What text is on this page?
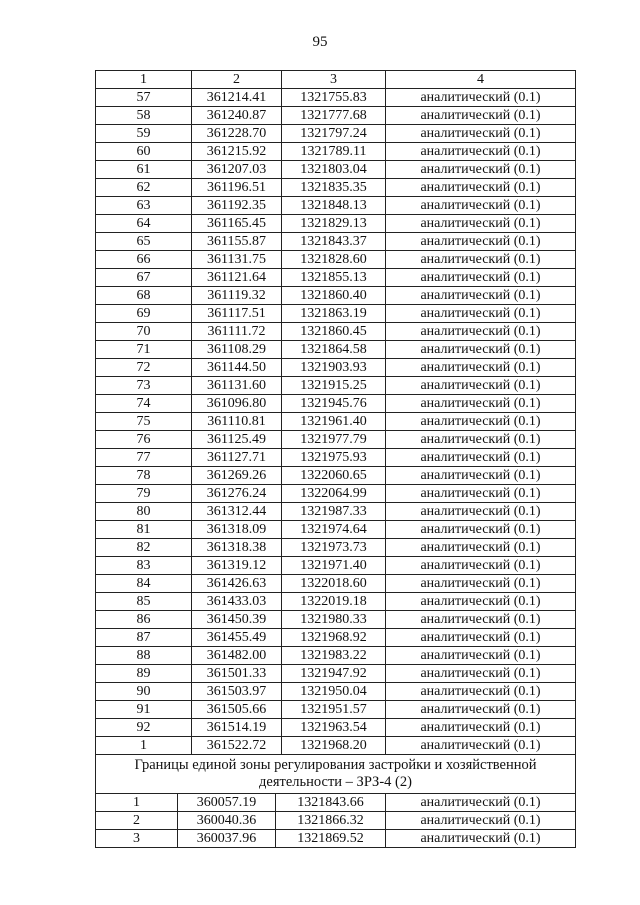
95
1	2	3	4
57	361214.41	1321755.83	аналитический (0.1)
58	361240.87	1321777.68	аналитический (0.1)
59	361228.70	1321797.24	аналитический (0.1)
60	361215.92	1321789.11	аналитический (0.1)
61	361207.03	1321803.04	аналитический (0.1)
62	361196.51	1321835.35	аналитический (0.1)
63	361192.35	1321848.13	аналитический (0.1)
64	361165.45	1321829.13	аналитический (0.1)
65	361155.87	1321843.37	аналитический (0.1)
66	361131.75	1321828.60	аналитический (0.1)
67	361121.64	1321855.13	аналитический (0.1)
68	361119.32	1321860.40	аналитический (0.1)
69	361117.51	1321863.19	аналитический (0.1)
70	361111.72	1321860.45	аналитический (0.1)
71	361108.29	1321864.58	аналитический (0.1)
72	361144.50	1321903.93	аналитический (0.1)
73	361131.60	1321915.25	аналитический (0.1)
74	361096.80	1321945.76	аналитический (0.1)
75	361110.81	1321961.40	аналитический (0.1)
76	361125.49	1321977.79	аналитический (0.1)
77	361127.71	1321975.93	аналитический (0.1)
78	361269.26	1322060.65	аналитический (0.1)
79	361276.24	1322064.99	аналитический (0.1)
80	361312.44	1321987.33	аналитический (0.1)
81	361318.09	1321974.64	аналитический (0.1)
82	361318.38	1321973.73	аналитический (0.1)
83	361319.12	1321971.40	аналитический (0.1)
84	361426.63	1322018.60	аналитический (0.1)
85	361433.03	1322019.18	аналитический (0.1)
86	361450.39	1321980.33	аналитический (0.1)
87	361455.49	1321968.92	аналитический (0.1)
88	361482.00	1321983.22	аналитический (0.1)
89	361501.33	1321947.92	аналитический (0.1)
90	361503.97	1321950.04	аналитический (0.1)
91	361505.66	1321951.57	аналитический (0.1)
92	361514.19	1321963.54	аналитический (0.1)
1	361522.72	1321968.20	аналитический (0.1)
Границы единой зоны регулирования застройки и хозяйственной деятельности – ЗРЗ-4 (2)			
1	360057.19	1321843.66	аналитический (0.1)
2	360040.36	1321866.32	аналитический (0.1)
3	360037.96	1321869.52	аналитический (0.1)
